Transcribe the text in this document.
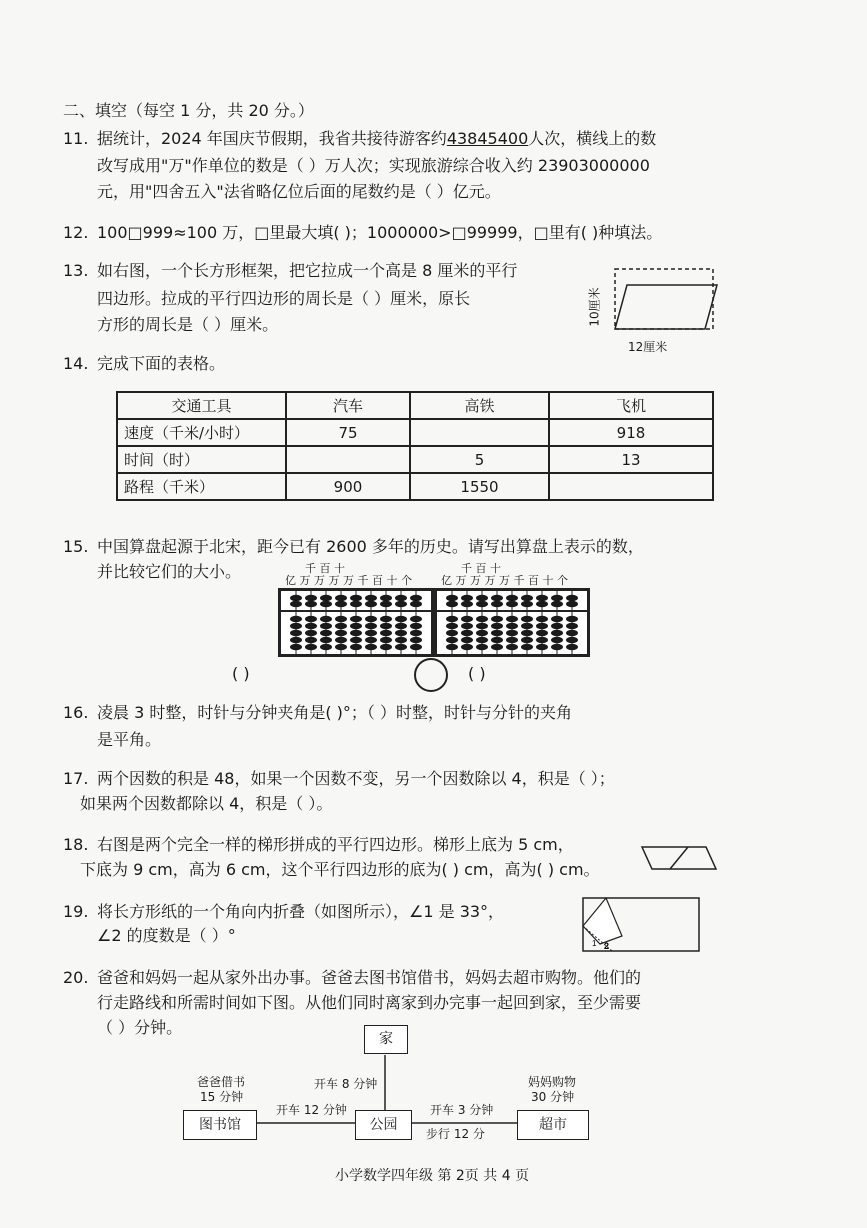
二、填空（每空 1 分，共 20 分。）
11. 据统计，2024 年国庆节假期，我省共接待游客约43845400人次，横线上的数
改写成用"万"作单位的数是（ ）万人次；实现旅游综合收入约 23903000000
元，用"四舍五入"法省略亿位后面的尾数约是（ ）亿元。
12. 100□999≈100 万，□里最大填( )；1000000>□99999，□里有( )种填法。
13. 如右图，一个长方形框架，把它拉成一个高是 8 厘米的平行
四边形。拉成的平行四边形的周长是（ ）厘米，原长
方形的周长是（ ）厘米。	10厘米
12厘米
14. 完成下面的表格。
交通工具	汽车	高铁	飞机
速度（千米/小时）	75		918
时间（时）		5	13
路程（千米）	900	1550	
15. 中国算盘起源于北宋，距今已有 2600 多年的历史。请写出算盘上表示的数，
并比较它们的大小。	千 百 十
亿 万 万 万 万 千 百 十 个
千 百 十
亿 万 万 万 万 千 百 十 个
( )	( )
16. 凌晨 3 时整，时针与分钟夹角是( )°；（ ）时整，时针与分针的夹角
是平角。
17. 两个因数的积是 48，如果一个因数不变，另一个因数除以 4，积是（ ）；
如果两个因数都除以 4，积是（ ）。
18. 右图是两个完全一样的梯形拼成的平行四边形。梯形上底为 5 cm，
下底为 9 cm，高为 6 cm，这个平行四边形的底为( ) cm，高为( ) cm。
19. 将长方形纸的一个角向内折叠（如图所示），∠1 是 33°，
∠2 的度数是（ ）°	1 2
20. 爸爸和妈妈一起从家外出办事。爸爸去图书馆借书，妈妈去超市购物。他们的
行走路线和所需时间如下图。从他们同时离家到办完事一起回到家，至少需要
（ ）分钟。
家
公园
图书馆	超市
开车 8 分钟
开车 12 分钟	开车 3 分钟
步行 12 分
爸爸借书
15 分钟
妈妈购物
30 分钟
小学数学四年级 第 2页 共 4 页
